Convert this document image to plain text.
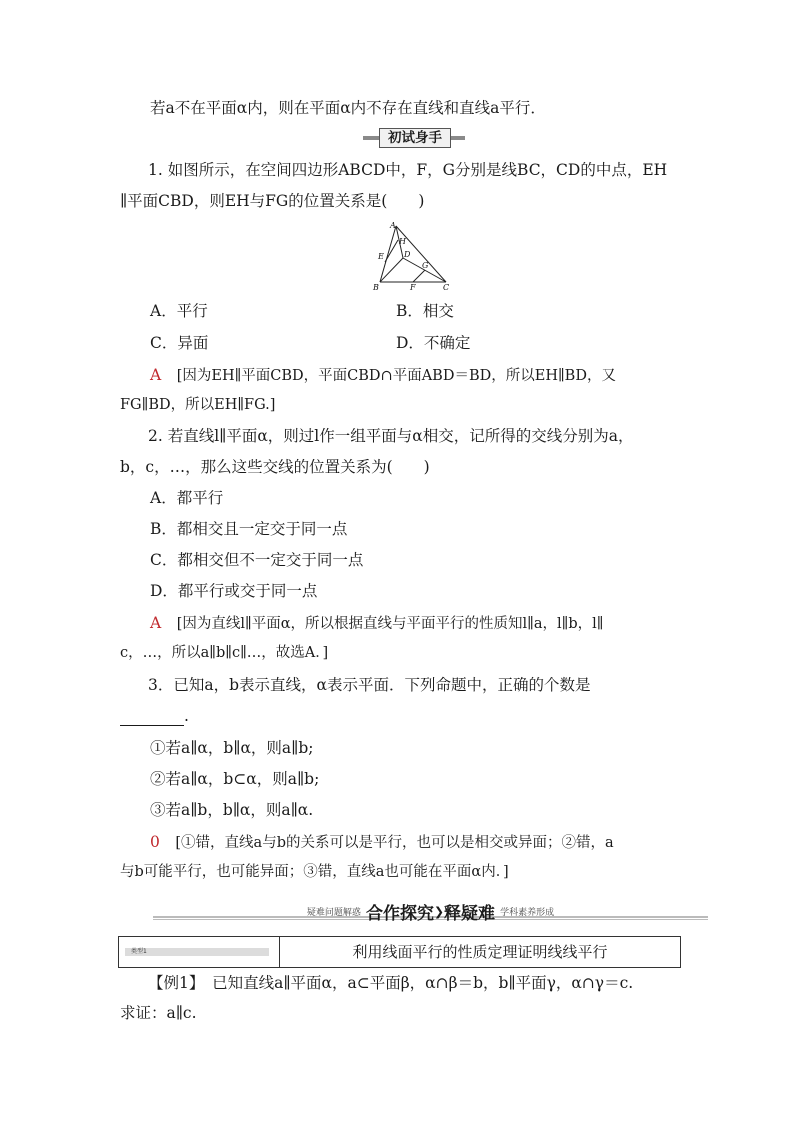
若a不在平面α内，则在平面α内不存在直线和直线a平行．
初试身手
1. 如图所示，在空间四边形ABCD中，F，G分别是线BC，CD的中点，EH
∥平面CBD，则EH与FG的位置关系是(　　)
A
H
D
E
G
B	F	C
A．平行	B．相交
C．异面	D．不确定
A　 [因为EH∥平面CBD，平面CBD∩平面ABD＝BD，所以EH∥BD，又
FG∥BD，所以EH∥FG.]
2. 若直线l∥平面α，则过l作一组平面与α相交，记所得的交线分别为a，
b，c，…，那么这些交线的位置关系为(　　)
A．都平行
B．都相交且一定交于同一点
C．都相交但不一定交于同一点
D．都平行或交于同一点
A　 [因为直线l∥平面α，所以根据直线与平面平行的性质知l∥a，l∥b，l∥
c，…，所以a∥b∥c∥…，故选A．]
3．已知a，b表示直线，α表示平面．下列命题中，正确的个数是
.
①若a∥α，b∥α，则a∥b;
②若a∥α，b⊂α，则a∥b;
③若a∥b，b∥α，则a∥α.
0　 [①错，直线a与b的关系可以是平行，也可以是相交或异面；②错，a
与b可能平行，也可能异面；③错，直线a也可能在平面α内．]
疑难问题解惑 合作探究❯释疑难 学科素养形成
类型1	利用线面平行的性质定理证明线线平行
【例1】　已知直线a∥平面α，a⊂平面β，α∩β＝b，b∥平面γ，α∩γ＝c.
求证：a∥c.
